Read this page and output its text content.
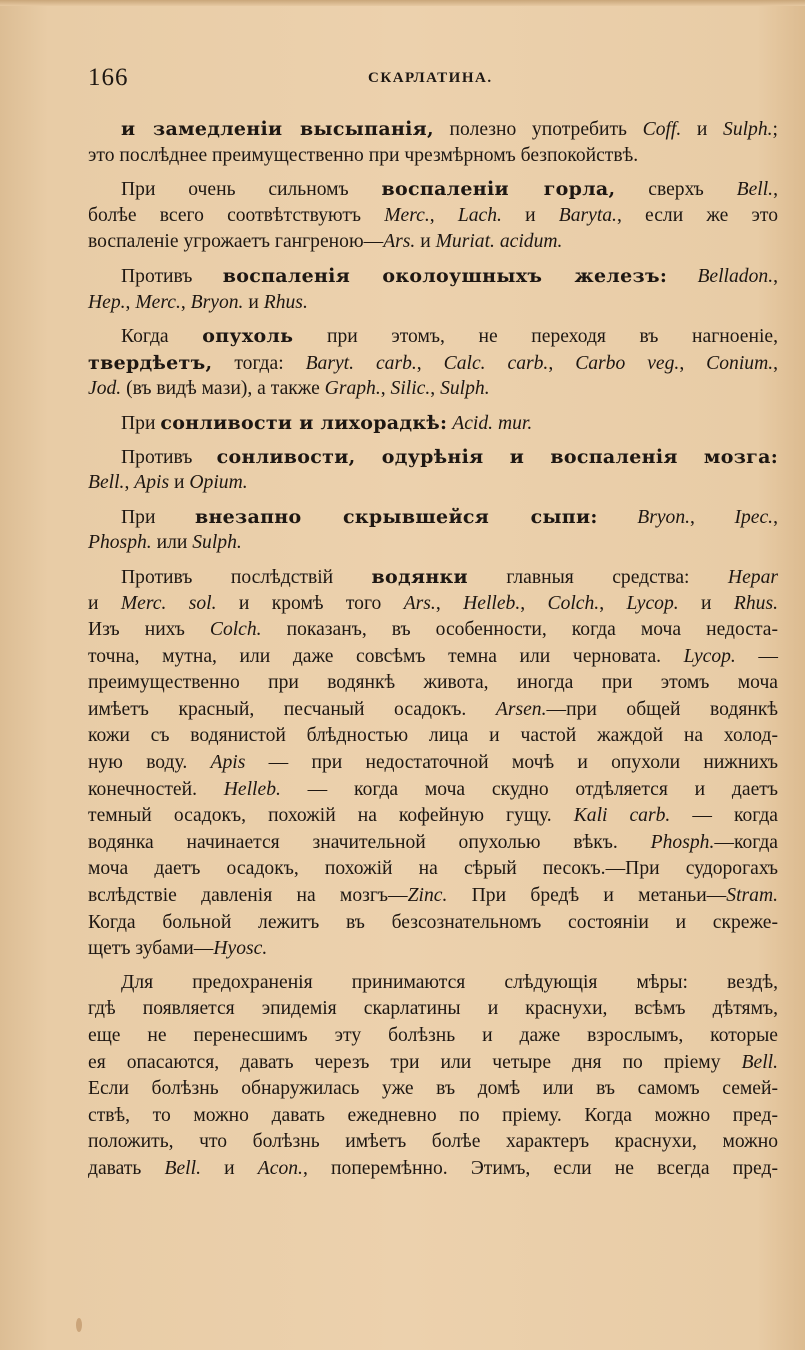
166	СКАРЛАТИНА.
и замедленіи высыпанія, полезно употребить Coff. и Sulph.;
это послѣднее преимущественно при чрезмѣрномъ безпокойствѣ.
При очень сильномъ воспаленіи горла, сверхъ Bell.,
болѣе всего соотвѣтствуютъ Merc., Lach. и Baryta., если же это
воспаленіе угрожаетъ гангреною—Ars. и Muriat. acidum.
Противъ воспаленія околоушныхъ железъ: Belladon.,
Hep., Merc., Bryon. и Rhus.
Когда опухоль при этомъ, не переходя въ нагноеніе,
твердѣетъ, тогда: Baryt. carb., Calc. carb., Carbo veg., Conium.,
Jod. (въ видѣ мази), а также Graph., Silic., Sulph.
При сонливости и лихорадкѣ: Acid. mur.
Противъ сонливости, одурѣнія и воспаленія мозга:
Bell., Apis и Opium.
При внезапно скрывшейся сыпи: Bryon., Ipec.,
Phosph. или Sulph.
Противъ послѣдствій водянки главныя средства: Hepar
и Merc. sol. и кромѣ того Ars., Helleb., Colch., Lycop. и Rhus.
Изъ нихъ Colch. показанъ, въ особенности, когда моча недоста-
точна, мутна, или даже совсѣмъ темна или черновата. Lycop. —
преимущественно при водянкѣ живота, иногда при этомъ моча
имѣетъ красный, песчаный осадокъ. Arsen.—при общей водянкѣ
кожи съ водянистой блѣдностью лица и частой жаждой на холод-
ную воду. Apis — при недостаточной мочѣ и опухоли нижнихъ
конечностей. Helleb. — когда моча скудно отдѣляется и даетъ
темный осадокъ, похожій на кофейную гущу. Kali carb. — когда
водянка начинается значительной опухолью вѣкъ. Phosph.—когда
моча даетъ осадокъ, похожій на сѣрый песокъ.—При судорогахъ
вслѣдствіе давленія на мозгъ—Zinc. При бредѣ и метаньи—Stram.
Когда больной лежитъ въ безсознательномъ состояніи и скреже-
щетъ зубами—Hyosc.
Для предохраненія принимаются слѣдующія мѣры: вездѣ,
гдѣ появляется эпидемія скарлатины и краснухи, всѣмъ дѣтямъ,
еще не перенесшимъ эту болѣзнь и даже взрослымъ, которые
ея опасаются, давать черезъ три или четыре дня по пріему Bell.
Если болѣзнь обнаружилась уже въ домѣ или въ самомъ семей-
ствѣ, то можно давать ежедневно по пріему. Когда можно пред-
положить, что болѣзнь имѣетъ болѣе характеръ краснухи, можно
давать Bell. и Acon., поперемѣнно. Этимъ, если не всегда пред-
